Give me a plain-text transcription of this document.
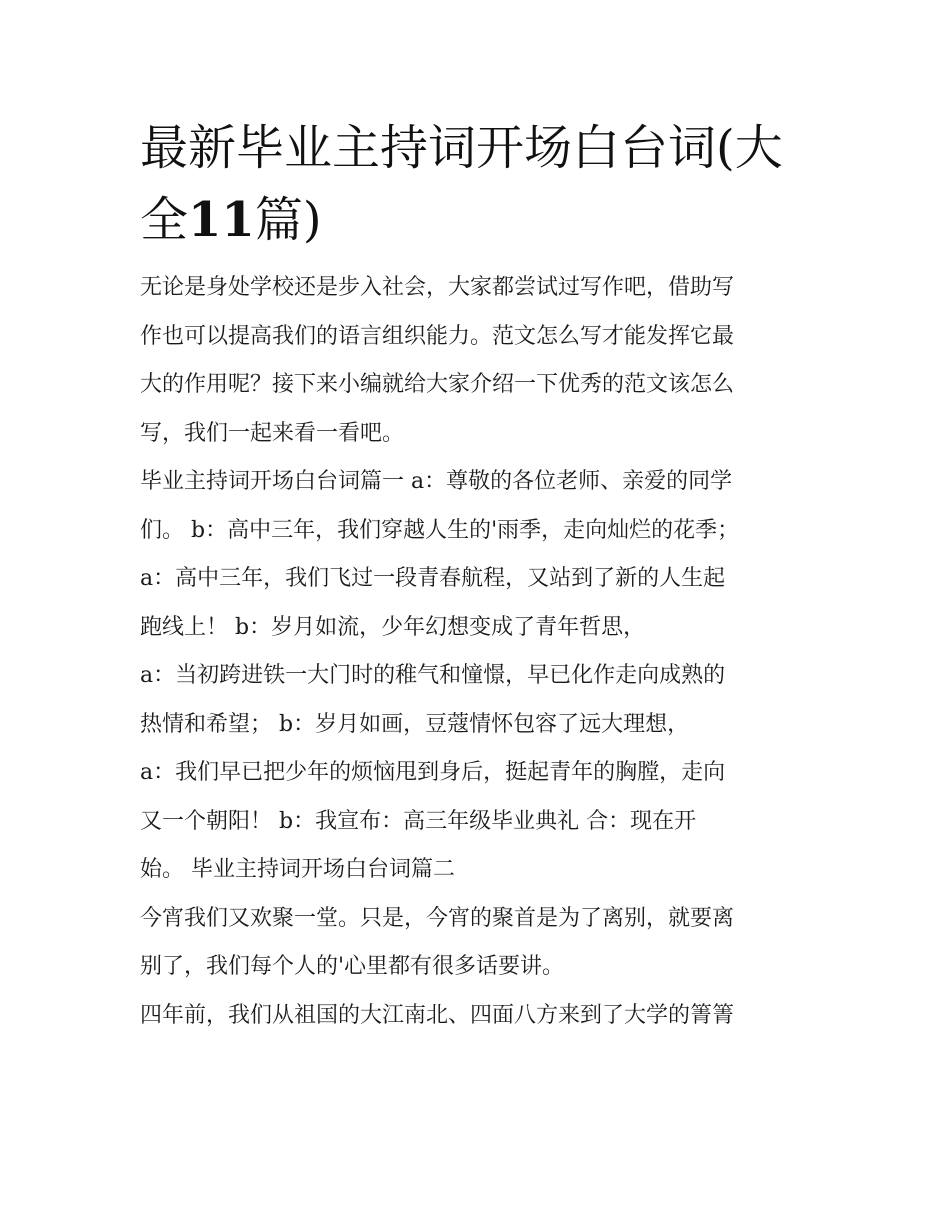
最新毕业主持词开场白台词(大
全11篇)

无论是身处学校还是步入社会，大家都尝试过写作吧，借助写
作也可以提高我们的语言组织能力。范文怎么写才能发挥它最
大的作用呢？接下来小编就给大家介绍一下优秀的范文该怎么
写，我们一起来看一看吧。

毕业主持词开场白台词篇一 a：尊敬的各位老师、亲爱的同学
们。 b：高中三年，我们穿越人生的'雨季，走向灿烂的花季；
a：高中三年，我们飞过一段青春航程，又站到了新的人生起
跑线上！ b：岁月如流，少年幻想变成了青年哲思，

a：当初跨进铁一大门时的稚气和憧憬，早已化作走向成熟的
热情和希望； b：岁月如画，豆蔻情怀包容了远大理想，

a：我们早已把少年的烦恼甩到身后，挺起青年的胸膛，走向
又一个朝阳！ b：我宣布：高三年级毕业典礼 合：现在开
始。 毕业主持词开场白台词篇二

今宵我们又欢聚一堂。只是，今宵的聚首是为了离别，就要离
别了，我们每个人的'心里都有很多话要讲。

四年前，我们从祖国的大江南北、四面八方来到了大学的箐箐
